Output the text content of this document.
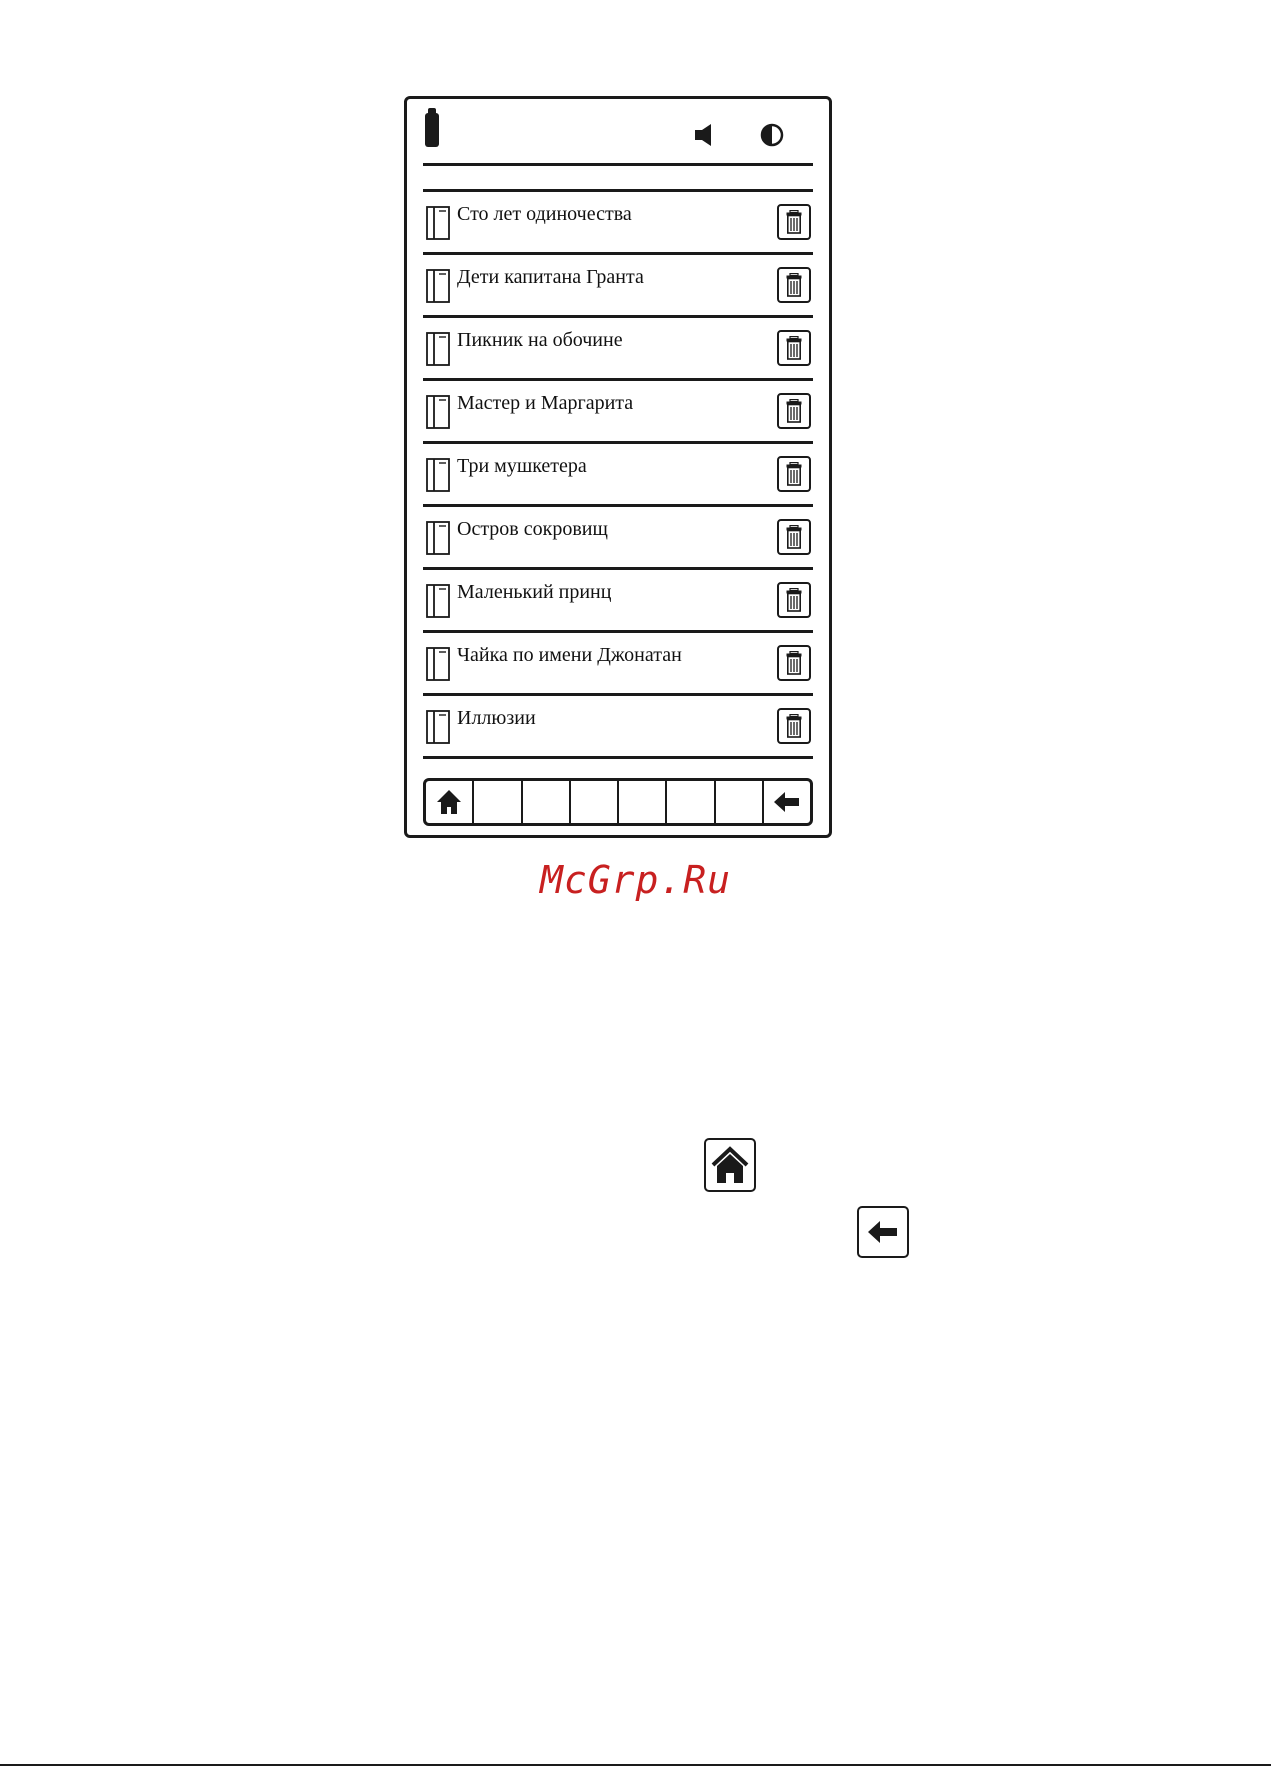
Сто лет одиночества
Дети капитана Гранта
Пикник на обочине
Мастер и Маргарита
Три мушкетера
Остров сокровищ
Маленький принц
Чайка по имени Джонатан
Иллюзии
McGrp.Ru
